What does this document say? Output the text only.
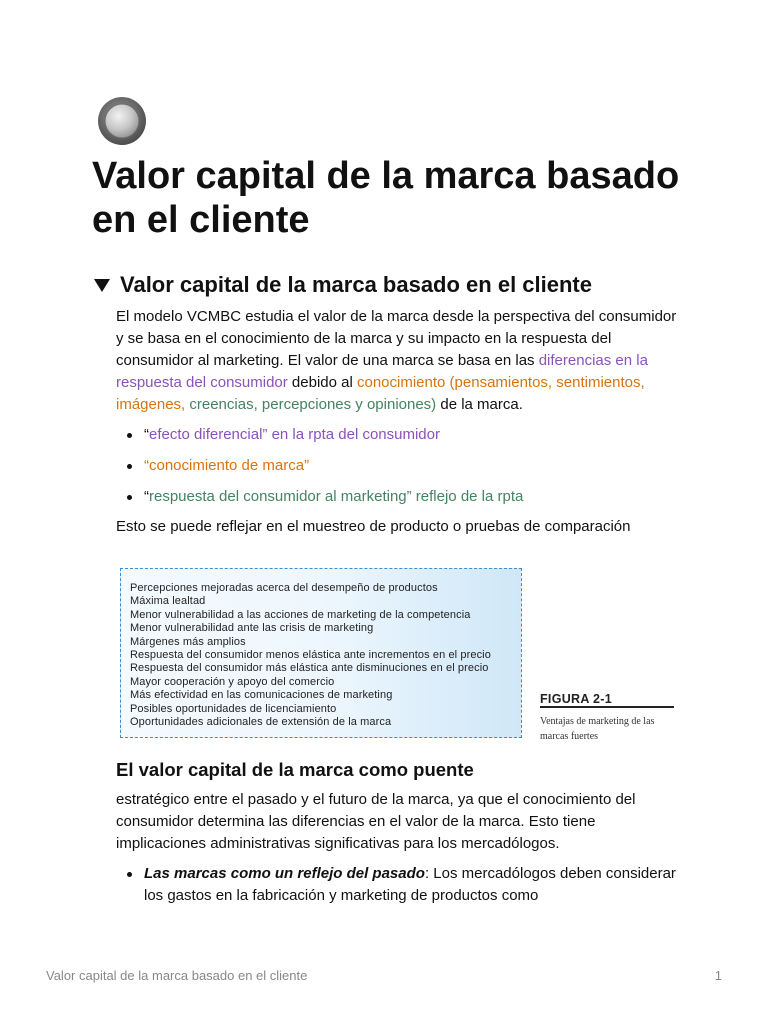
Valor capital de la marca basado en el cliente
Valor capital de la marca basado en el cliente

El modelo VCMBC estudia el valor de la marca desde la perspectiva del consumidor y se basa en el conocimiento de la marca y su impacto en la respuesta del consumidor al marketing. El valor de una marca se basa en las diferencias en la respuesta del consumidor debido al conocimiento (pensamientos, sentimientos, imágenes, creencias, percepciones y opiniones) de la marca.

“efecto diferencial” en la rpta del consumidor
“conocimiento de marca”
“respuesta del consumidor al marketing” reflejo de la rpta

Esto se puede reflejar en el muestreo de producto o pruebas de comparación

Percepciones mejoradas acerca del desempeño de productos
Máxima lealtad
Menor vulnerabilidad a las acciones de marketing de la competencia
Menor vulnerabilidad ante las crisis de marketing
Márgenes más amplios
Respuesta del consumidor menos elástica ante incrementos en el precio
Respuesta del consumidor más elástica ante disminuciones en el precio
Mayor cooperación y apoyo del comercio
Más efectividad en las comunicaciones de marketing
Posibles oportunidades de licenciamiento
Oportunidades adicionales de extensión de la marca
FIGURA 2-1
Ventajas de marketing de las marcas fuertes

El valor capital de la marca como puente

estratégico entre el pasado y el futuro de la marca, ya que el conocimiento del consumidor determina las diferencias en el valor de la marca. Esto tiene implicaciones administrativas significativas para los mercadólogos.

Las marcas como un reflejo del pasado: Los mercadólogos deben considerar los gastos en la fabricación y marketing de productos como
Valor capital de la marca basado en el cliente	1
